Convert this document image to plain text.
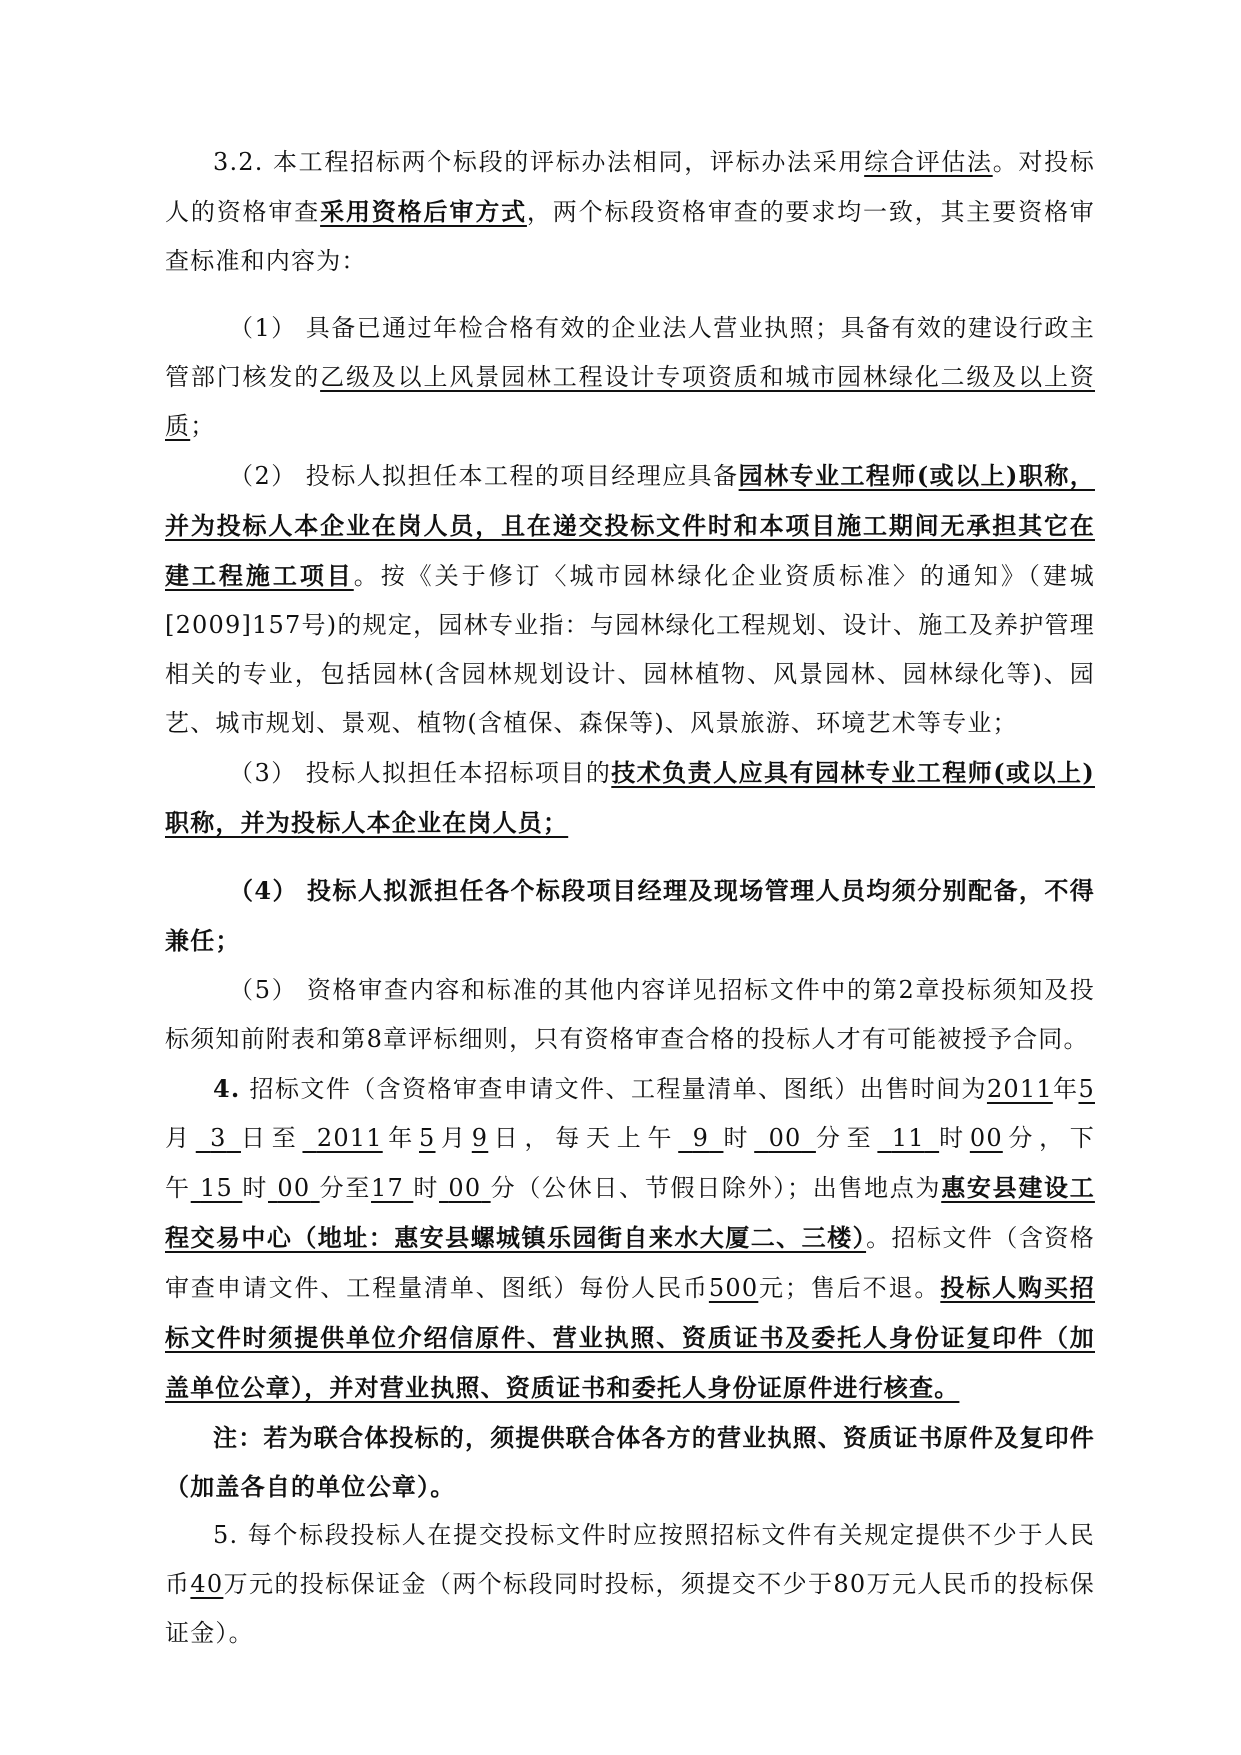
3.2. 本工程招标两个标段的评标办法相同，评标办法采用综合评估法。对投标人的资格审查采用资格后审方式，两个标段资格审查的要求均一致，其主要资格审查标准和内容为：

（1） 具备已通过年检合格有效的企业法人营业执照；具备有效的建设行政主管部门核发的乙级及以上风景园林工程设计专项资质和城市园林绿化二级及以上资质；

（2） 投标人拟担任本工程的项目经理应具备园林专业工程师(或以上)职称，并为投标人本企业在岗人员，且在递交投标文件时和本项目施工期间无承担其它在建工程施工项目。按《关于修订〈城市园林绿化企业资质标准〉的通知》（建城[2009]157号)的规定，园林专业指：与园林绿化工程规划、设计、施工及养护管理相关的专业，包括园林(含园林规划设计、园林植物、风景园林、园林绿化等)、园艺、城市规划、景观、植物(含植保、森保等)、风景旅游、环境艺术等专业；

（3） 投标人拟担任本招标项目的技术负责人应具有园林专业工程师(或以上)职称，并为投标人本企业在岗人员；

（4） 投标人拟派担任各个标段项目经理及现场管理人员均须分别配备，不得兼任；

（5） 资格审查内容和标准的其他内容详见招标文件中的第2章投标须知及投标须知前附表和第8章评标细则，只有资格审查合格的投标人才有可能被授予合同。

4. 招标文件（含资格审查申请文件、工程量清单、图纸）出售时间为2011年5月 3 日至 2011年5月9日，每天上午 9 时 00 分至 11 时00分，下午 15 时 00 分至17 时 00 分（公休日、节假日除外）；出售地点为惠安县建设工程交易中心（地址：惠安县螺城镇乐园街自来水大厦二、三楼）。招标文件（含资格审查申请文件、工程量清单、图纸）每份人民币500元；售后不退。投标人购买招标文件时须提供单位介绍信原件、营业执照、资质证书及委托人身份证复印件（加盖单位公章），并对营业执照、资质证书和委托人身份证原件进行核查。

注：若为联合体投标的，须提供联合体各方的营业执照、资质证书原件及复印件（加盖各自的单位公章）。

5. 每个标段投标人在提交投标文件时应按照招标文件有关规定提供不少于人民币40万元的投标保证金（两个标段同时投标，须提交不少于80万元人民币的投标保证金）。
